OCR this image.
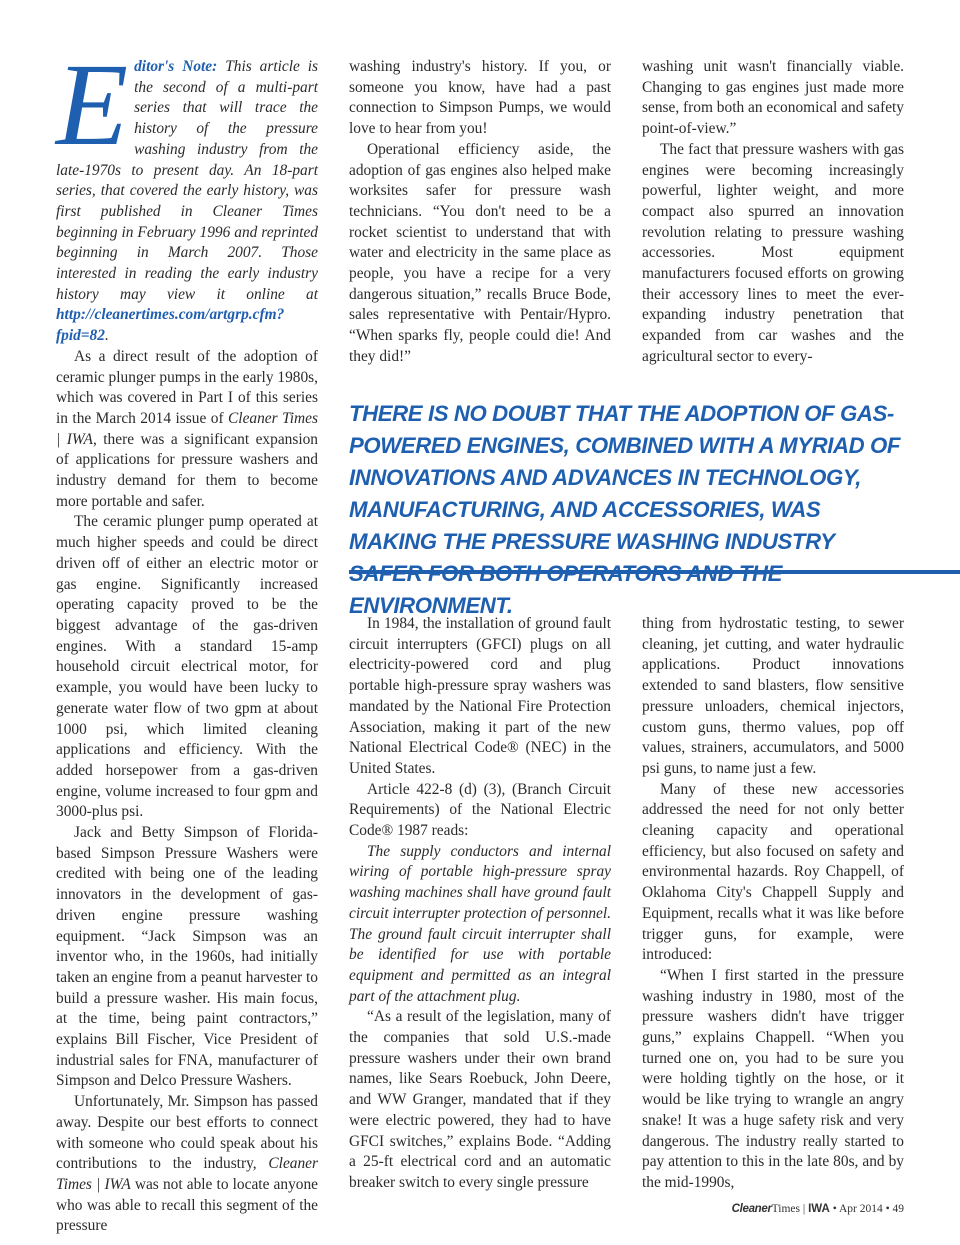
Editor's Note: This article is the second of a multi-part series that will trace the history of the pressure washing industry from the late-1970s to present day. An 18-part series, that covered the early history, was first published in Cleaner Times beginning in February 1996 and reprinted beginning in March 2007. Those interested in reading the early industry history may view it online at http://cleanertimes.com/artgrp.cfm?fpid=82.

As a direct result of the adoption of ceramic plunger pumps in the early 1980s, which was covered in Part I of this series in the March 2014 issue of Cleaner Times | IWA, there was a significant expansion of applications for pressure washers and industry demand for them to become more portable and safer.

The ceramic plunger pump operated at much higher speeds and could be direct driven off of either an electric motor or gas engine. Significantly increased operating capacity proved to be the biggest advantage of the gas-driven engines. With a standard 15-amp household circuit electrical motor, for example, you would have been lucky to generate water flow of two gpm at about 1000 psi, which limited cleaning applications and efficiency. With the added horsepower from a gas-driven engine, volume increased to four gpm and 3000-plus psi.

Jack and Betty Simpson of Florida-based Simpson Pressure Washers were credited with being one of the leading innovators in the development of gas-driven engine pressure washing equipment. “Jack Simpson was an inventor who, in the 1960s, had initially taken an engine from a peanut harvester to build a pressure washer. His main focus, at the time, being paint contractors,” explains Bill Fischer, Vice President of industrial sales for FNA, manufacturer of Simpson and Delco Pressure Washers.

Unfortunately, Mr. Simpson has passed away. Despite our best efforts to connect with someone who could speak about his contributions to the industry, Cleaner Times | IWA was not able to locate anyone who was able to recall this segment of the pressure

washing industry's history. If you, or someone you know, have had a past connection to Simpson Pumps, we would love to hear from you!

Operational efficiency aside, the adoption of gas engines also helped make worksites safer for pressure wash technicians. “You don't need to be a rocket scientist to understand that with water and electricity in the same place as people, you have a recipe for a very dangerous situation,” recalls Bruce Bode, sales representative with Pentair/Hypro. “When sparks fly, people could die! And they did!”

washing unit wasn't financially viable. Changing to gas engines just made more sense, from both an economical and safety point-of-view.”

The fact that pressure washers with gas engines were becoming increasingly powerful, lighter weight, and more compact also spurred an innovation revolution relating to pressure washing accessories. Most equipment manufacturers focused efforts on growing their accessory lines to meet the ever-expanding industry penetration that expanded from car washes and the agricultural sector to every-

THERE IS NO DOUBT THAT THE ADOPTION OF GAS-POWERED ENGINES, COMBINED WITH A MYRIAD OF INNOVATIONS AND ADVANCES IN TECHNOLOGY, MANUFACTURING, AND ACCESSORIES, WAS MAKING THE PRESSURE WASHING INDUSTRY ENVIRONMENT.

In 1984, the installation of ground fault circuit interrupters (GFCI) plugs on all electricity-powered cord and plug portable high-pressure spray washers was mandated by the National Fire Protection Association, making it part of the new National Electrical Code® (NEC) in the United States.

Article 422-8 (d) (3), (Branch Circuit Requirements) of the National Electric Code® 1987 reads:

The supply conductors and internal wiring of portable high-pressure spray washing machines shall have ground fault circuit interrupter protection of personnel. The ground fault circuit interrupter shall be identified for use with portable equipment and permitted as an integral part of the attachment plug.

“As a result of the legislation, many of the companies that sold U.S.-made pressure washers under their own brand names, like Sears Roebuck, John Deere, and WW Granger, mandated that if they were electric powered, they had to have GFCI switches,” explains Bode. “Adding a 25-ft electrical cord and an automatic breaker switch to every single pressure

thing from hydrostatic testing, to sewer cleaning, jet cutting, and water hydraulic applications. Product innovations extended to sand blasters, flow sensitive pressure unloaders, chemical injectors, custom guns, thermo values, pop off values, strainers, accumulators, and 5000 psi guns, to name just a few.

Many of these new accessories addressed the need for not only better cleaning capacity and operational efficiency, but also focused on safety and environmental hazards. Roy Chappell, of Oklahoma City's Chappell Supply and Equipment, recalls what it was like before trigger guns, for example, were introduced:

“When I first started in the pressure washing industry in 1980, most of the pressure washers didn't have trigger guns,” explains Chappell. “When you turned one on, you had to be sure you were holding tightly on the hose, or it would be like trying to wrangle an angry snake! It was a huge safety risk and very dangerous. The industry really started to pay attention to this in the late 80s, and by the mid-1990s,

CleanerTimes | IWA • Apr 2014 • 49
